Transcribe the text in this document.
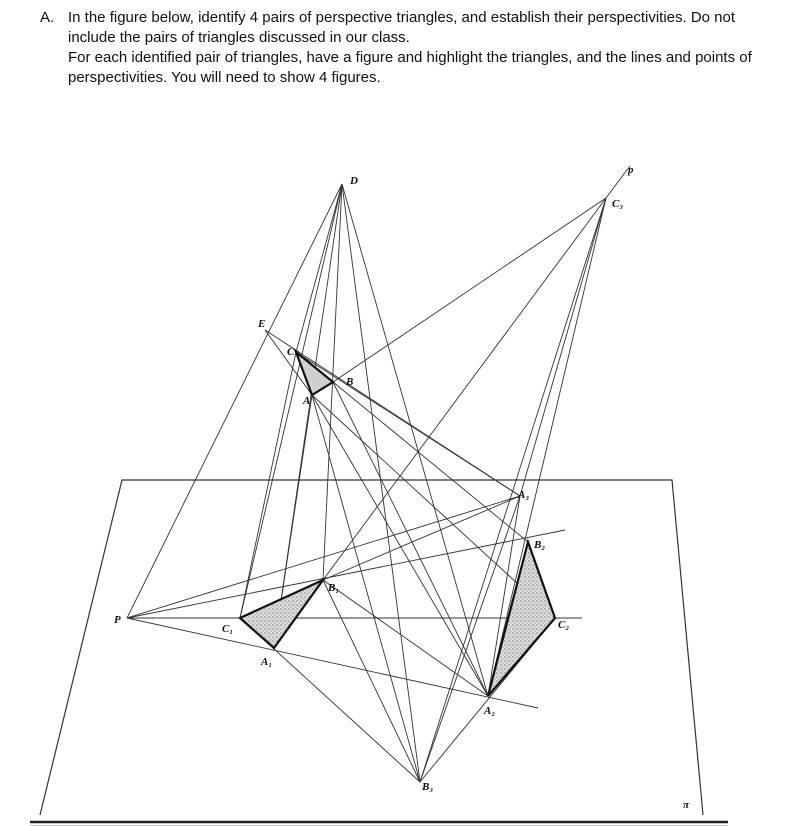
A. In the figure below, identify 4 pairs of perspective triangles, and establish their perspectivities. Do not include the pairs of triangles discussed in our class.

For each identified pair of triangles, have a figure and highlight the triangles, and the lines and points of perspectivities. You will need to show 4 figures.

D
p
C₃
E
C
B
A
A₃
B₂
B₁
P
C₁	C₂
A₁
A₂
B₃
π
